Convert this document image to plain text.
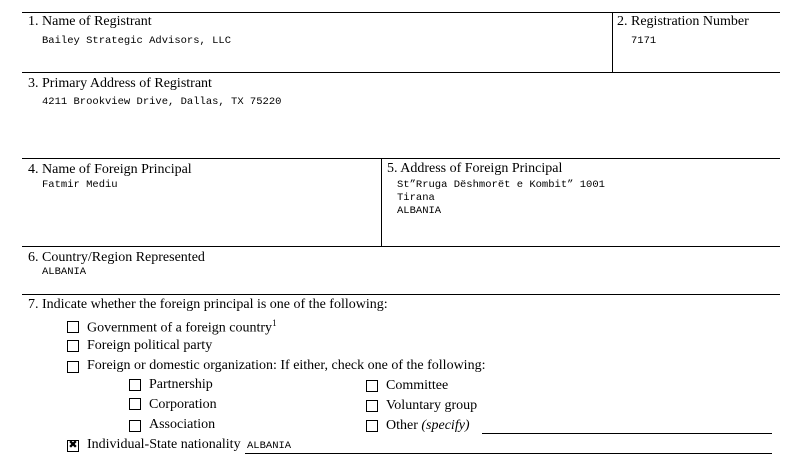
1. Name of Registrant
Bailey Strategic Advisors, LLC
2. Registration Number
7171
3. Primary Address of Registrant
4211 Brookview Drive, Dallas, TX 75220
4. Name of Foreign Principal
Fatmir Mediu
5. Address of Foreign Principal
St”Rruga Dëshmorët e Kombit” 1001
Tirana
ALBANIA
6. Country/Region Represented
ALBANIA
7. Indicate whether the foreign principal is one of the following:
Government of a foreign country$^1$
Foreign political party
Foreign or domestic organization: If either, check one of the following:
Partnership
Corporation
Association
Committee
Voluntary group
Other (specify)
✖ Individual-State nationality ALBANIA
